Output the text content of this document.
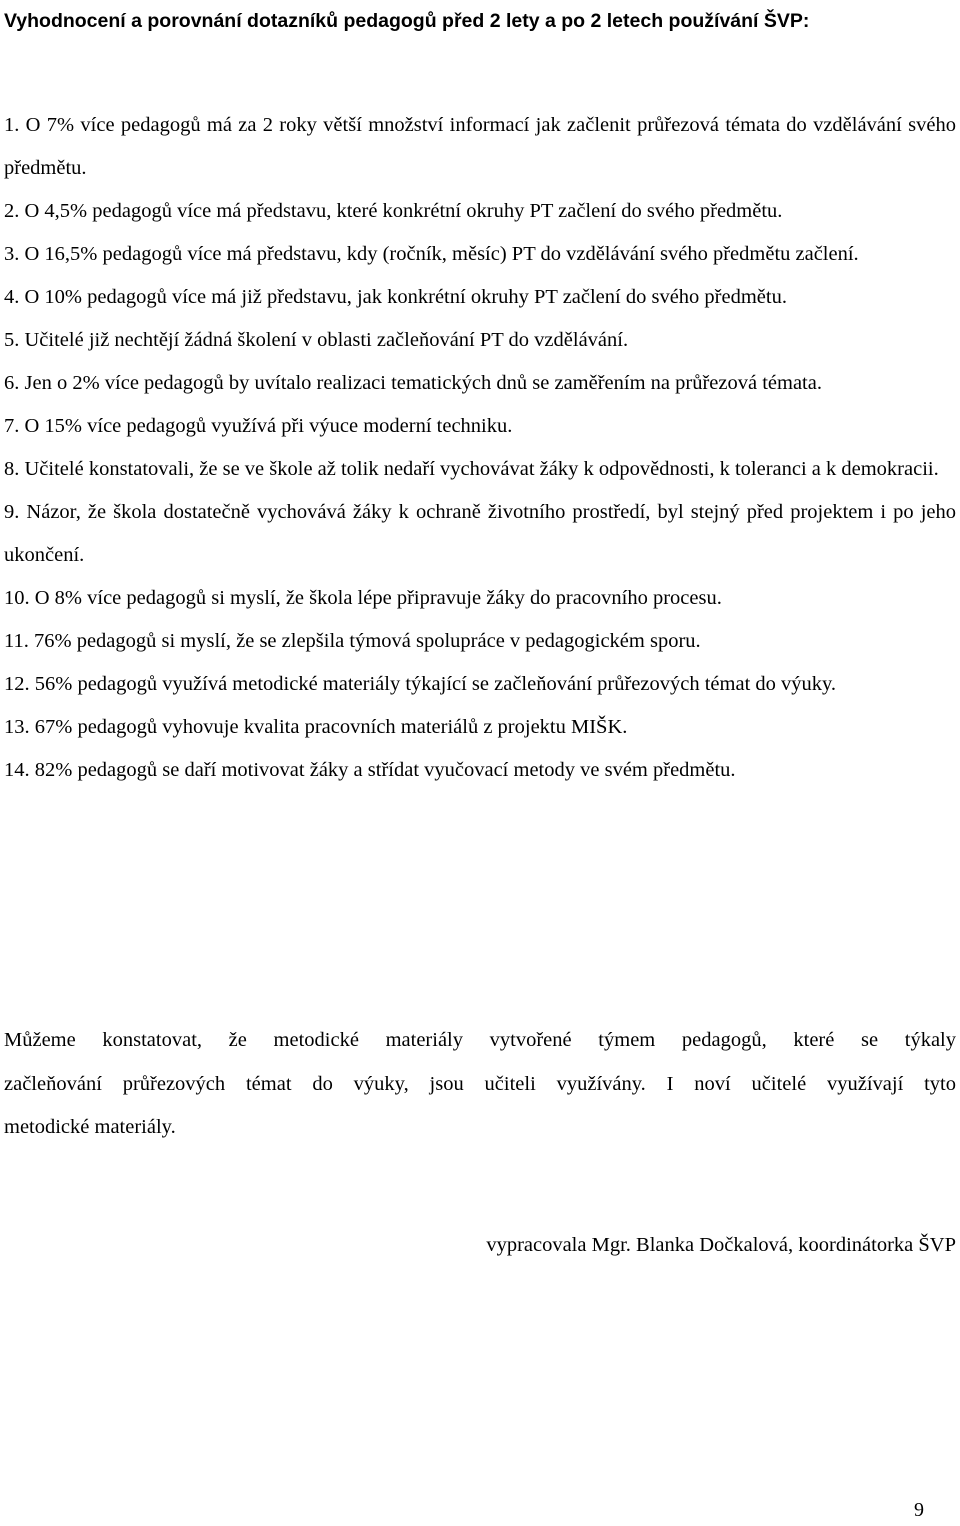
Vyhodnocení a porovnání dotazníků pedagogů před 2 lety a po 2 letech používání ŠVP:
1. O 7% více pedagogů má za 2 roky větší množství informací jak začlenit průřezová témata do vzdělávání svého předmětu.
2. O 4,5% pedagogů více má představu, které konkrétní okruhy PT začlení do svého předmětu.
3. O 16,5% pedagogů více má představu, kdy (ročník, měsíc) PT do vzdělávání svého předmětu začlení.
4. O 10% pedagogů více má již představu, jak konkrétní okruhy PT začlení do svého předmětu.
5. Učitelé již nechtějí žádná školení v oblasti začleňování PT do vzdělávání.
6. Jen o 2% více pedagogů by uvítalo realizaci tematických dnů se zaměřením na průřezová témata.
7. O 15% více pedagogů využívá při výuce moderní techniku.
8. Učitelé konstatovali, že se ve škole až tolik nedaří vychovávat žáky k odpovědnosti, k toleranci a k demokracii.
9. Názor, že škola dostatečně vychovává žáky k ochraně životního prostředí, byl stejný před projektem i po jeho ukončení.
10. O 8% více pedagogů si myslí, že škola lépe připravuje žáky do pracovního procesu.
11. 76% pedagogů si myslí, že se zlepšila týmová spolupráce v pedagogickém sporu.
12. 56% pedagogů využívá metodické materiály týkající se začleňování průřezových témat do výuky.
13. 67% pedagogů vyhovuje kvalita pracovních materiálů z projektu MIŠK.
14. 82% pedagogů se daří motivovat žáky a střídat vyučovací metody ve svém předmětu.

Můžeme konstatovat, že metodické materiály vytvořené týmem pedagogů, které se týkaly
začleňování průřezových témat do výuky, jsou učiteli využívány. I noví učitelé využívají tyto
metodické materiály.

vypracovala Mgr. Blanka Dočkalová, koordinátorka ŠVP

9
